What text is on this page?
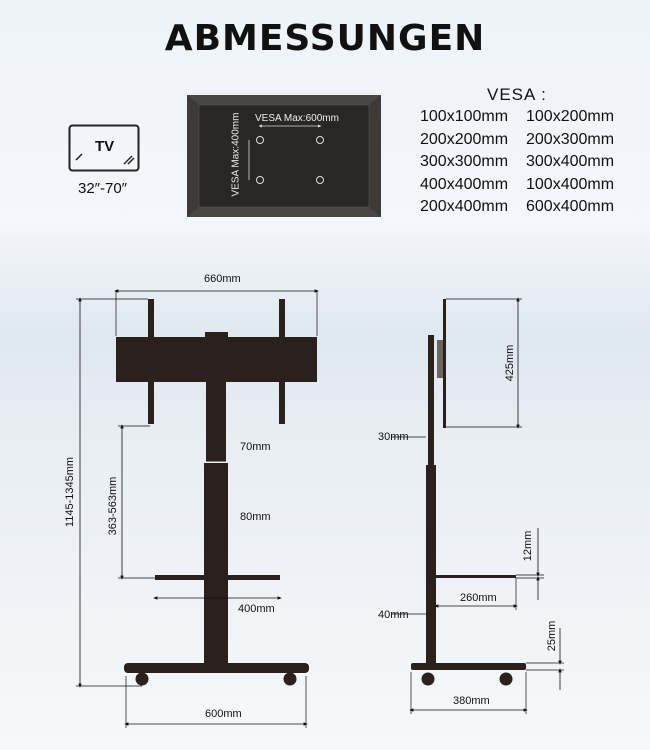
ABMESSUNGEN
TV
32″-70″
VESA :
100x100mm	100x200mm
200x200mm	200x300mm
300x300mm	300x400mm
400x400mm	100x400mm
200x400mm	600x400mm
VESA Max:600mm
VESA Max:400mm
660mm
1145-1345mm	363-563mm
70mm
80mm
400mm
600mm
425mm
30mm
12mm
260mm
40mm
25mm
380mm
